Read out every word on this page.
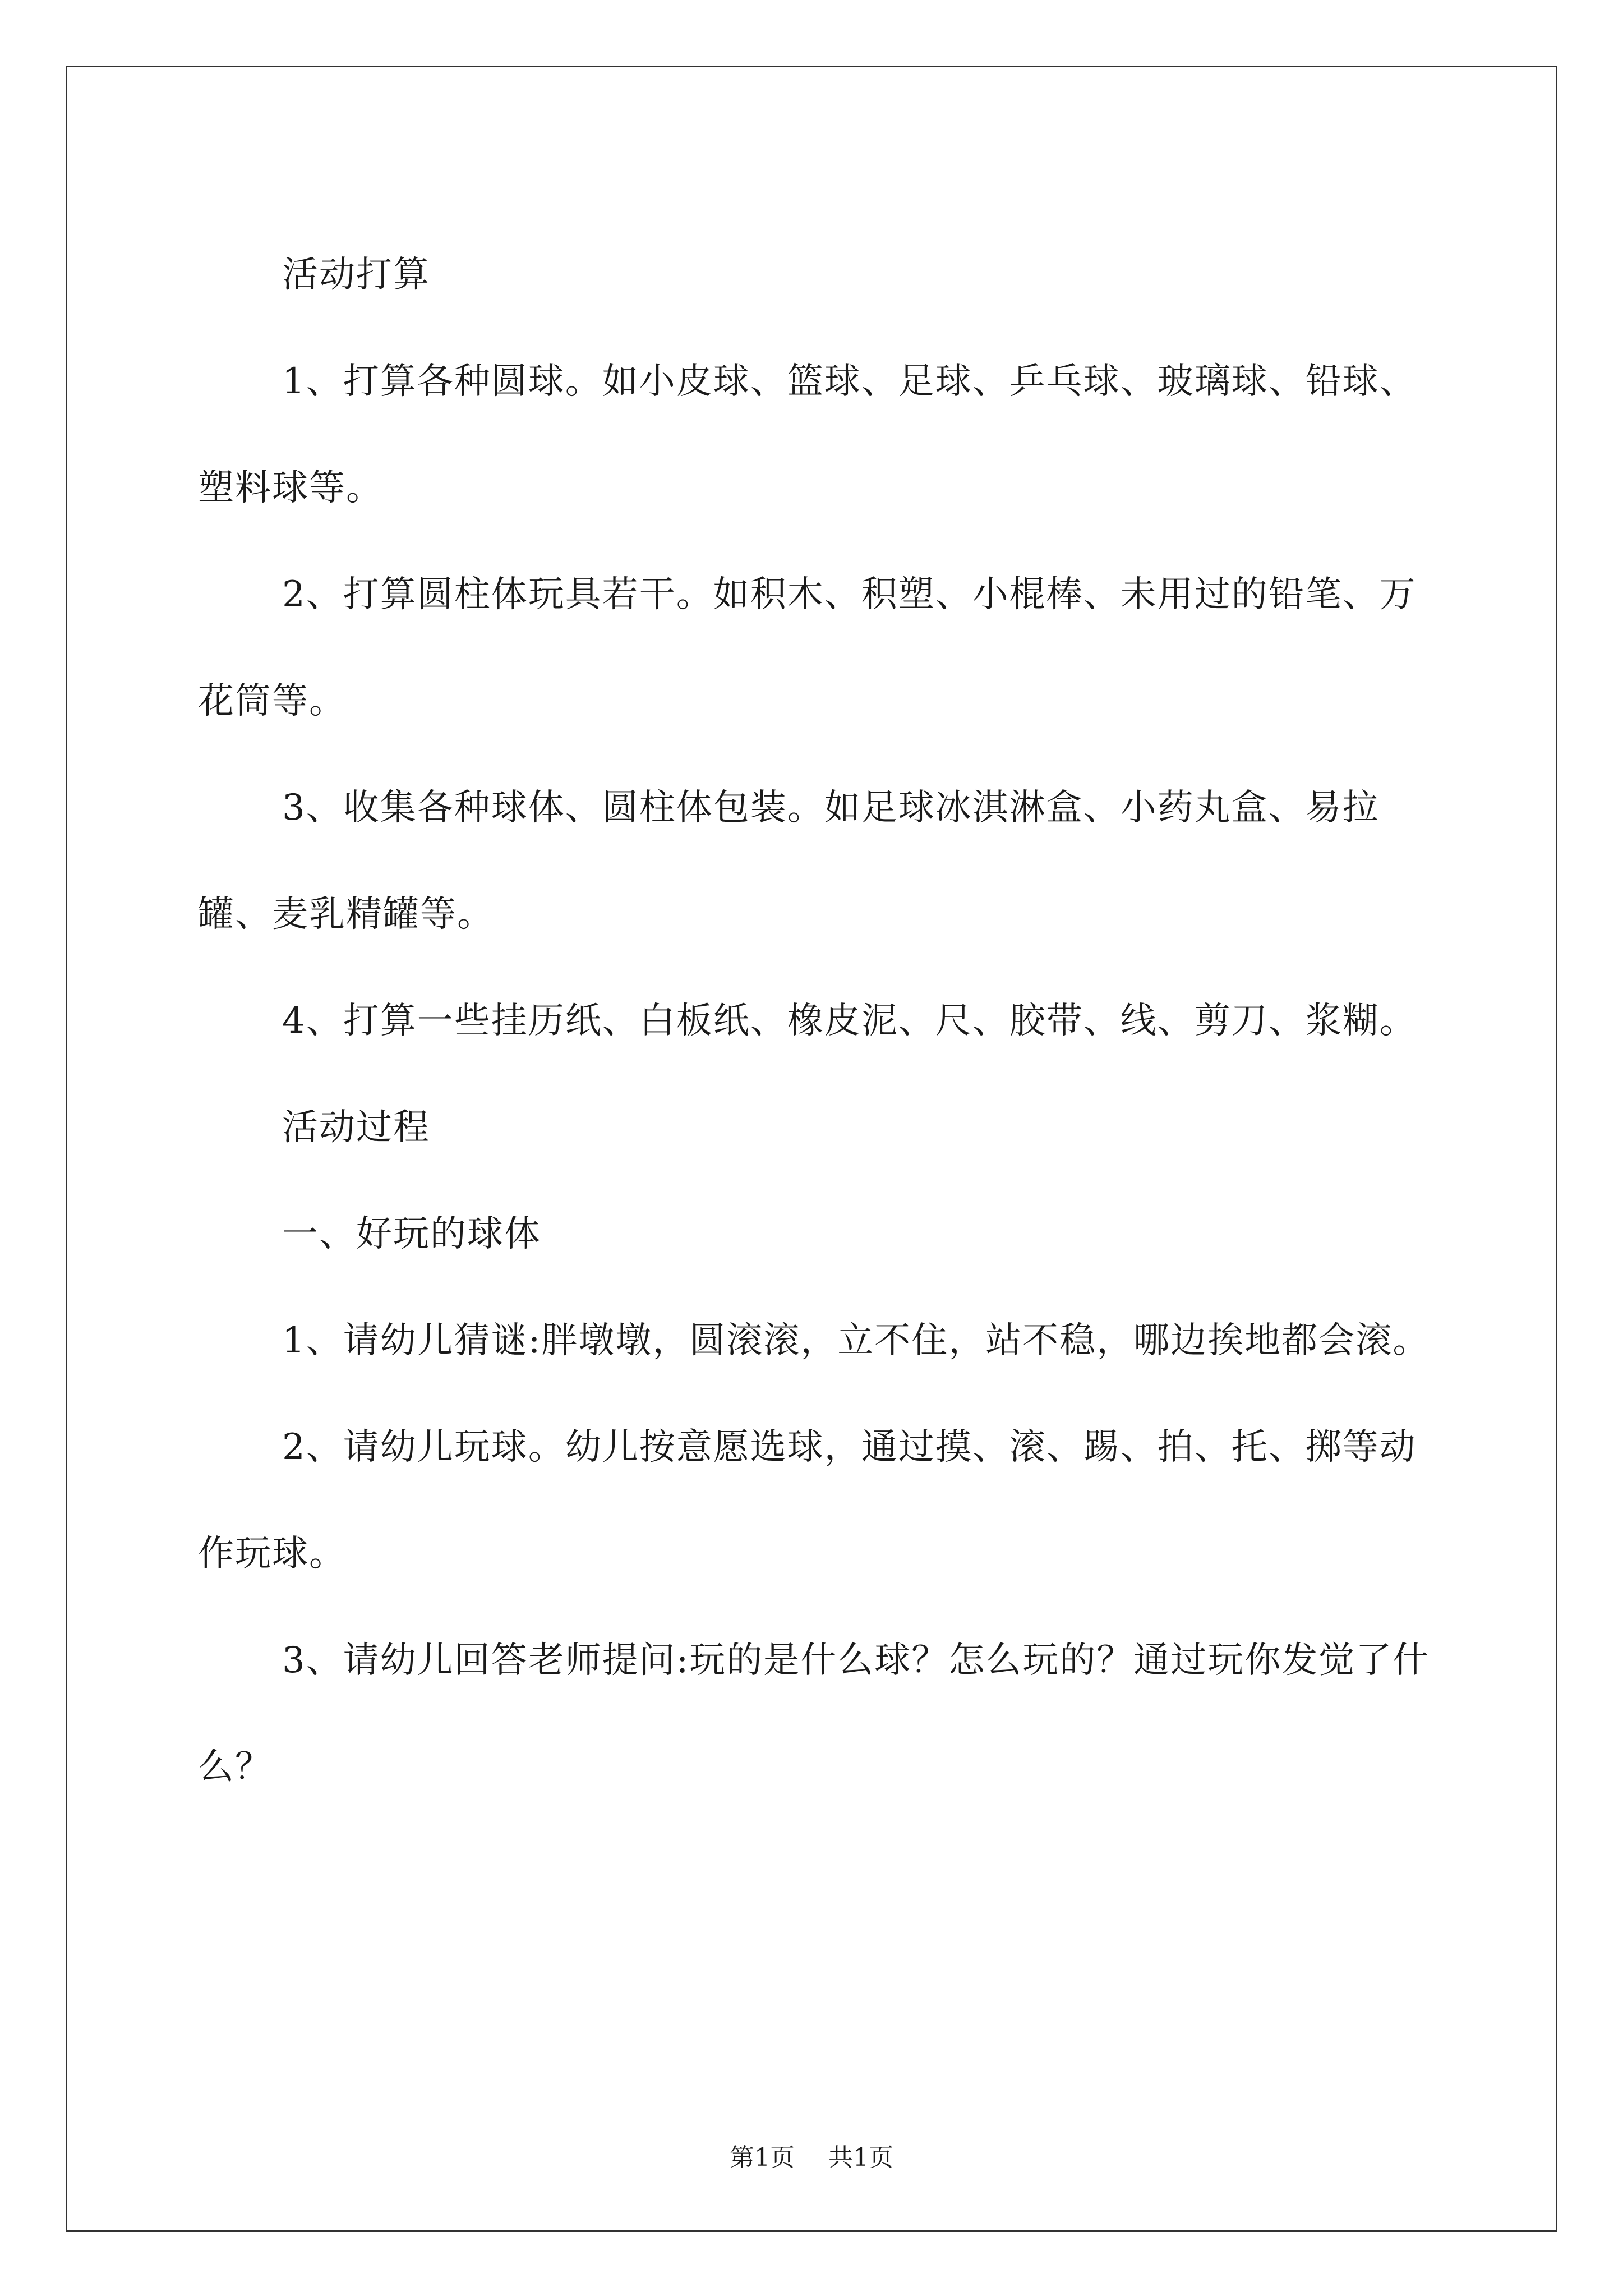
活动打算

1、打算各种圆球。如小皮球、篮球、足球、乒乓球、玻璃球、铅球、塑料球等。

2、打算圆柱体玩具若干。如积木、积塑、小棍棒、未用过的铅笔、万花筒等。

3、收集各种球体、圆柱体包装。如足球冰淇淋盒、小药丸盒、易拉罐、麦乳精罐等。

4、打算一些挂历纸、白板纸、橡皮泥、尺、胶带、线、剪刀、浆糊。

活动过程

一、好玩的球体

1、请幼儿猜谜:胖墩墩，圆滚滚，立不住，站不稳，哪边挨地都会滚。

2、请幼儿玩球。幼儿按意愿选球，通过摸、滚、踢、拍、托、掷等动作玩球。

3、请幼儿回答老师提问:玩的是什么球？怎么玩的？通过玩你发觉了什么？

第1页 共1页
